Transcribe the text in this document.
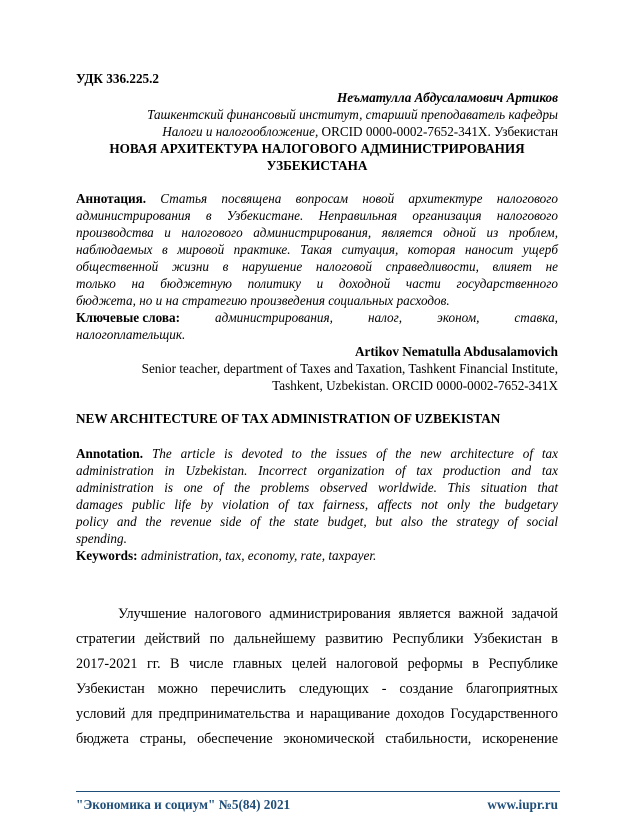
УДК 336.225.2
Неъматулла Абдусаламович Артиков
Ташкентский финансовый институт, старший преподаватель кафедры
Налоги и налогообложение, ORCID 0000-0002-7652-341X. Узбекистан
НОВАЯ АРХИТЕКТУРА НАЛОГОВОГО АДМИНИСТРИРОВАНИЯ
УЗБЕКИСТАНА
Аннотация. Статья посвящена вопросам новой архитектуре налогового
администрирования в Узбекистане. Неправильная организация налогового
производства и налогового администрирования, является одной из проблем,
наблюдаемых в мировой практике. Такая ситуация, которая наносит ущерб
общественной жизни в нарушение налоговой справедливости, влияет не
только на бюджетную политику и доходной части государственного
бюджета, но и на стратегию произведения социальных расходов.
Ключевые слова:	администрирования,	налог,	эконом,	ставка,
налогоплательщик.
Artikov Nematulla Abdusalamovich
Senior teacher, department of Taxes and Taxation, Tashkent Financial Institute,
Tashkent, Uzbekistan. ORCID 0000-0002-7652-341X
NEW ARCHITECTURE OF TAX ADMINISTRATION OF UZBEKISTAN
Annotation. The article is devoted to the issues of the new architecture of tax
administration in Uzbekistan. Incorrect organization of tax production and tax
administration is one of the problems observed worldwide. This situation that
damages public life by violation of tax fairness, affects not only the budgetary
policy and the revenue side of the state budget, but also the strategy of social
spending.
Keywords: administration, tax, economy, rate, taxpayer.
Улучшение налогового администрирования является важной задачой
стратегии действий по дальнейшему развитию Республики Узбекистан в
2017-2021 гг. В числе главных целей налоговой реформы в Республике
Узбекистан можно перечислить следующих - создание благоприятных
условий для предпринимательства и наращивание доходов Государственного
бюджета страны, обеспечение экономической стабильности, искоренение
"Экономика и социум" №5(84) 2021	www.iupr.ru
